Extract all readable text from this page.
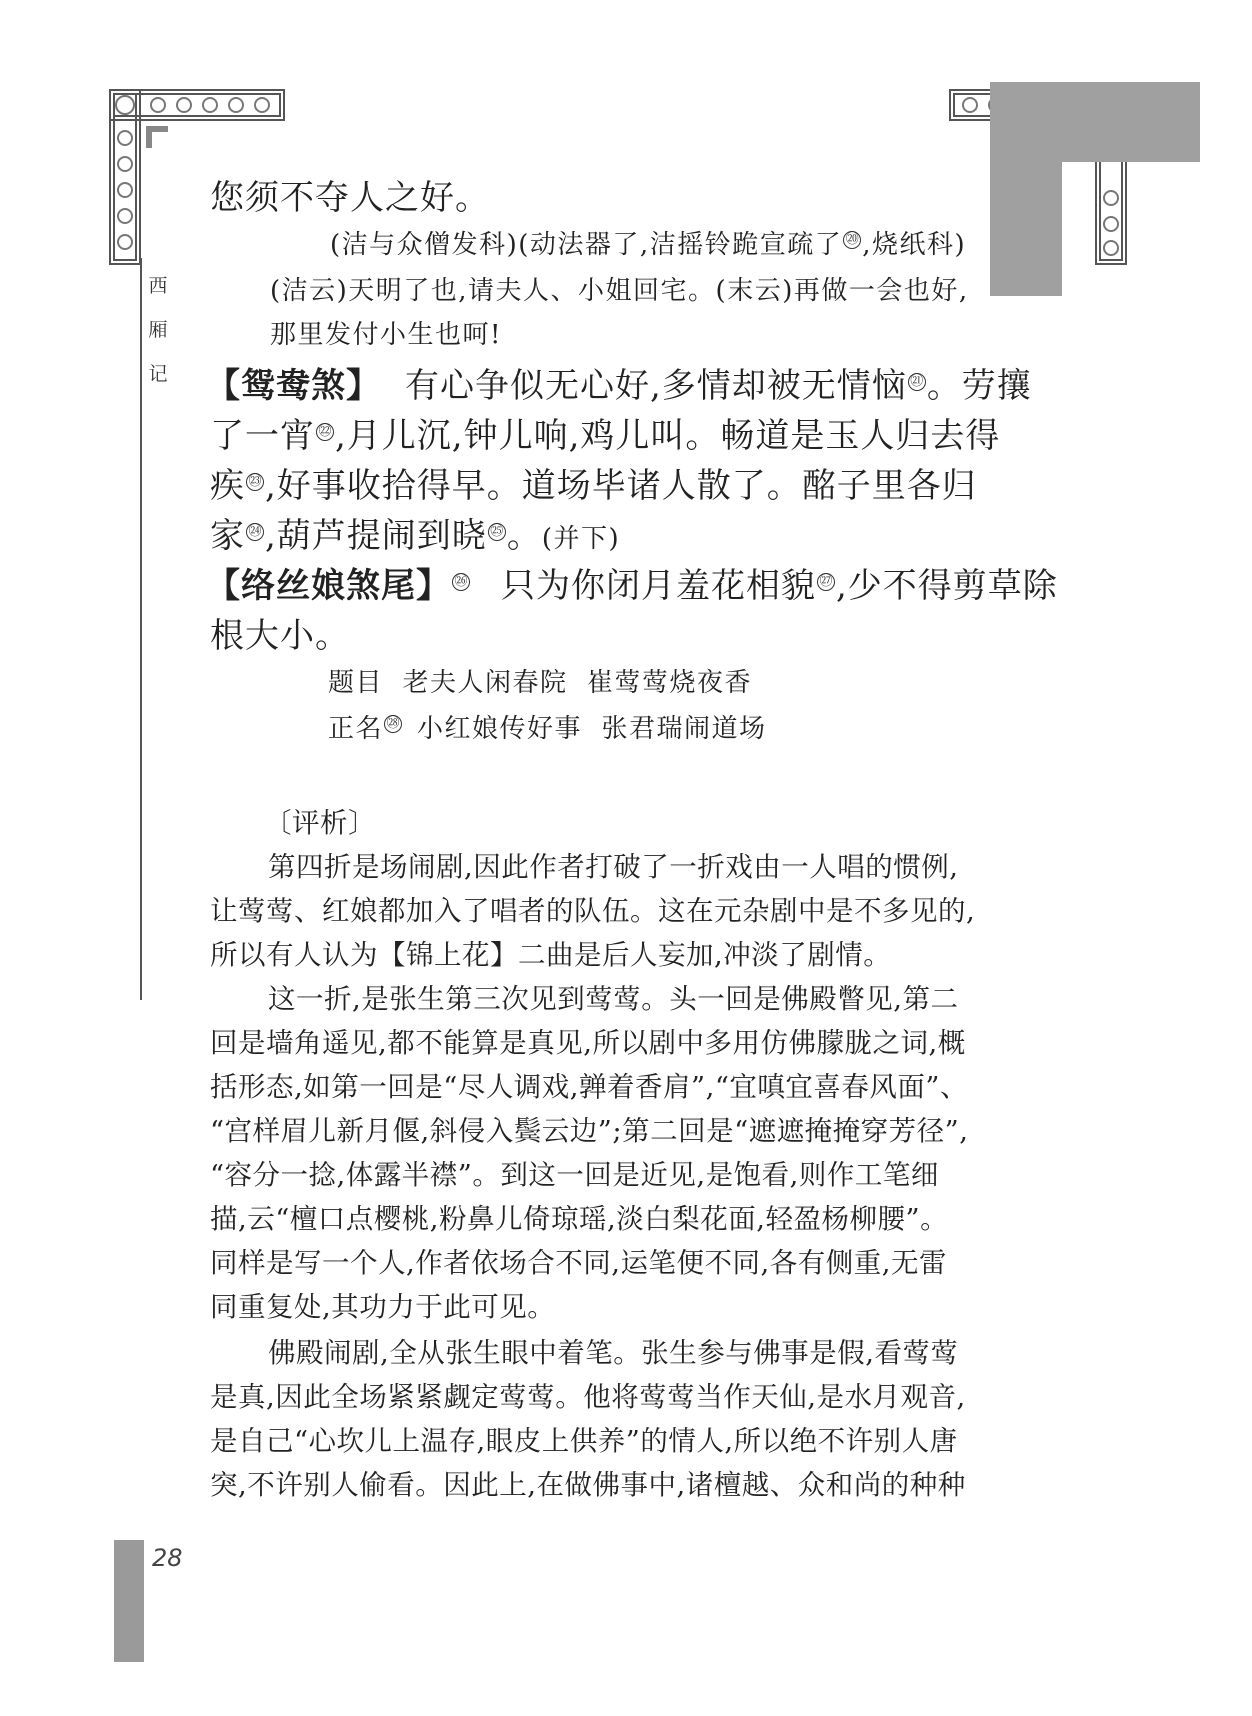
西
厢
记
您须不夺人之好。
(洁与众僧发科)(动法器了,洁摇铃跪宣疏了 ⑳ ,烧纸科)
(洁云)天明了也,请夫人、小姐回宅。(末云)再做一会也好,
那里发付小生也呵!
【鸳鸯煞】 有心争似无心好,多情却被无情恼 ㉑ 。劳攘
了一宵 ㉒ ,月儿沉,钟儿响,鸡儿叫。畅道是玉人归去得
疾 ㉓ ,好事收拾得早。道场毕诸人散了。酩子里各归
家 ㉔ ,葫芦提闹到晓 ㉕ 。(并下)
【络丝娘煞尾】 ㉖ 只为你闭月羞花相貌 ㉗ ,少不得剪草除
根大小。
题目  老夫人闲春院  崔莺莺烧夜香
正名 ㉘ 小红娘传好事  张君瑞闹道场
〔评析〕
第四折是场闹剧,因此作者打破了一折戏由一人唱的惯例,
让莺莺、红娘都加入了唱者的队伍。这在元杂剧中是不多见的,
所以有人认为【锦上花】二曲是后人妄加,冲淡了剧情。
这一折,是张生第三次见到莺莺。头一回是佛殿瞥见,第二
回是墙角遥见,都不能算是真见,所以剧中多用仿佛朦胧之词,概
括形态,如第一回是“尽人调戏,亸着香肩”,“宜嗔宜喜春风面”、
“宫样眉儿新月偃,斜侵入鬓云边”;第二回是“遮遮掩掩穿芳径”,
“容分一捻,体露半襟”。到这一回是近见,是饱看,则作工笔细
描,云“檀口点樱桃,粉鼻儿倚琼瑶,淡白梨花面,轻盈杨柳腰”。
同样是写一个人,作者依场合不同,运笔便不同,各有侧重,无雷
同重复处,其功力于此可见。
佛殿闹剧,全从张生眼中着笔。张生参与佛事是假,看莺莺
是真,因此全场紧紧觑定莺莺。他将莺莺当作天仙,是水月观音,
是自己“心坎儿上温存,眼皮上供养”的情人,所以绝不许别人唐
突,不许别人偷看。因此上,在做佛事中,诸檀越、众和尚的种种
28
